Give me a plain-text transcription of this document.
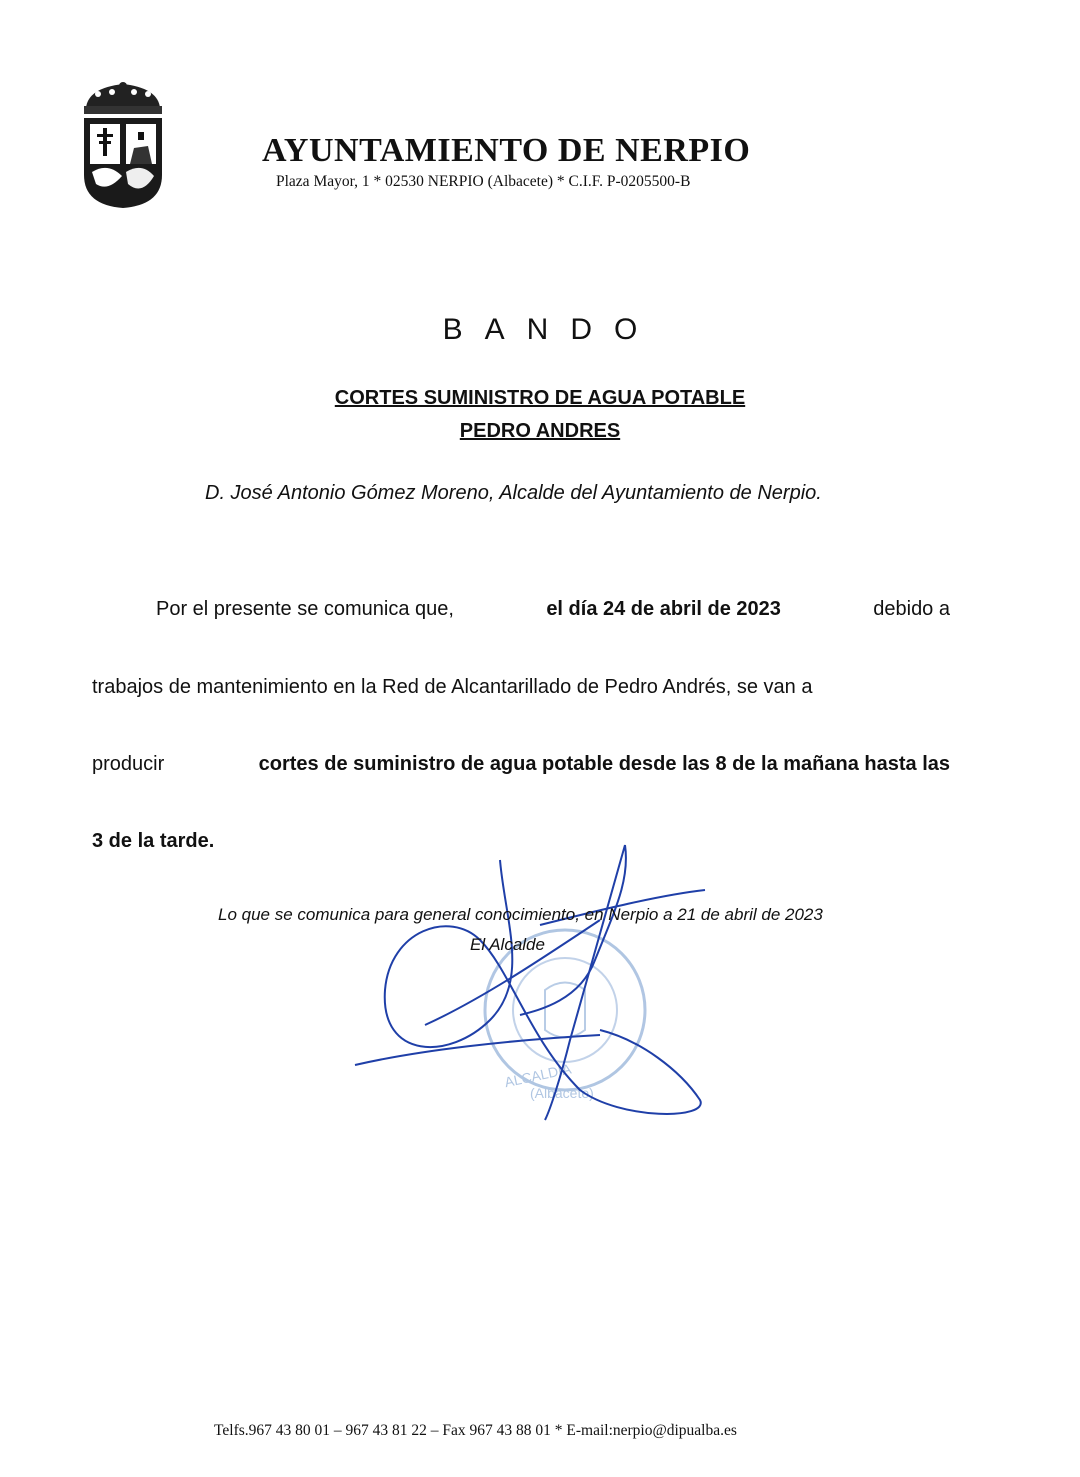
AYUNTAMIENTO DE NERPIO
Plaza Mayor, 1 * 02530 NERPIO (Albacete) * C.I.F. P-0205500-B
BANDO
CORTES SUMINISTRO DE AGUA POTABLE
PEDRO ANDRES
D. José Antonio Gómez Moreno, Alcalde del Ayuntamiento de Nerpio.
Por el presente se comunica que,	el día 24 de abril de 2023	debido a
trabajos de mantenimiento en la Red de Alcantarillado de Pedro Andrés, se van a
producir	cortes de suministro de agua potable desde las 8 de la mañana hasta las
3 de la tarde.
ALCALDIA
(Albacete)
Lo que se comunica para general conocimiento, en Nerpio a 21 de abril de 2023
El Alcalde
Telfs.967 43 80 01 – 967 43 81 22 – Fax 967 43 88 01 * E-mail:nerpio@dipualba.es
